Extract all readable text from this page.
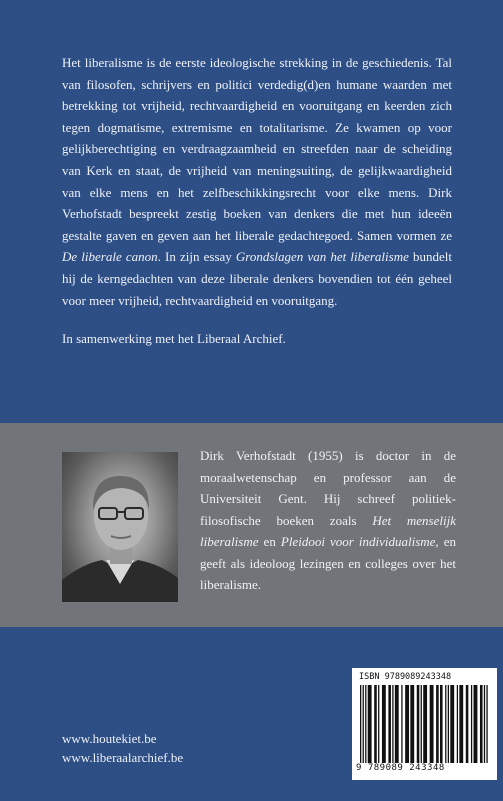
Het liberalisme is de eerste ideologische strekking in de geschiedenis. Tal van filosofen, schrijvers en politici verdedig(d)en humane waarden met betrekking tot vrijheid, rechtvaardigheid en vooruitgang en keerden zich tegen dogmatisme, extremisme en totalitarisme. Ze kwamen op voor gelijkberechtiging en verdraagzaamheid en streefden naar de scheiding van Kerk en staat, de vrijheid van meningsuiting, de gelijkwaardigheid van elke mens en het zelfbeschikkingsrecht voor elke mens. Dirk Verhofstadt bespreekt zestig boeken van denkers die met hun ideeën gestalte gaven en geven aan het liberale gedachtegoed. Samen vormen ze De liberale canon. In zijn essay Grondslagen van het liberalisme bundelt hij de kerngedachten van deze liberale denkers bovendien tot één geheel voor meer vrijheid, rechtvaardigheid en vooruitgang.

In samenwerking met het Liberaal Archief.

Dirk Verhofstadt (1955) is doctor in de moraalwetenschap en professor aan de Universiteit Gent. Hij schreef politiek-filosofische boeken zoals Het menselijk liberalisme en Pleidooi voor individualisme, en geeft als ideoloog lezingen en colleges over het liberalisme.

www.houtekiet.be
www.liberaalarchief.be
ISBN 9789089243348
9 789089 243348
